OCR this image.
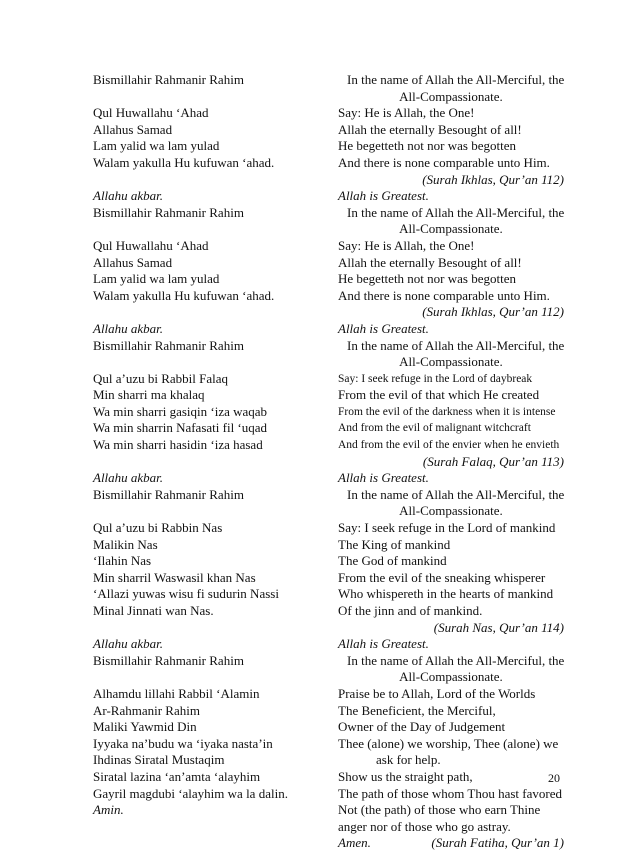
Bismillahir Rahmanir Rahim
Qul Huwallahu ‘Ahad
Allahus Samad
Lam yalid wa lam yulad
Walam yakulla Hu kufuwan ‘ahad.
Allahu akbar.
Bismillahir Rahmanir Rahim
Qul Huwallahu ‘Ahad
Allahus Samad
Lam yalid wa lam yulad
Walam yakulla Hu kufuwan ‘ahad.
Allahu akbar.
Bismillahir Rahmanir Rahim
Qul a’uzu bi Rabbil Falaq
Min sharri ma khalaq
Wa min sharri gasiqin ‘iza waqab
Wa min sharrin Nafasati fil ‘uqad
Wa min sharri hasidin ‘iza hasad
Allahu akbar.
Bismillahir Rahmanir Rahim
Qul a’uzu bi Rabbin Nas
Malikin Nas
‘Ilahin Nas
Min sharril Waswasil khan Nas
‘Allazi yuwas wisu fi sudurin Nassi
Minal Jinnati wan Nas.
Allahu akbar.
Bismillahir Rahmanir Rahim
Alhamdu lillahi Rabbil ‘Alamin
Ar-Rahmanir Rahim
Maliki Yawmid Din
Iyyaka na’budu wa ‘iyaka nasta’in
Ihdinas Siratal Mustaqim
Siratal lazina ‘an’amta ‘alayhim
Gayril magdubi ‘alayhim wa la dalin.
Amin.
In the name of Allah the All-Merciful, the
All-Compassionate.
Say: He is Allah, the One!
Allah the eternally Besought of all!
He begetteth not nor was begotten
And there is none comparable unto Him.
(Surah Ikhlas, Qur’an 112)
Allah is Greatest.
In the name of Allah the All-Merciful, the
All-Compassionate.
Say: He is Allah, the One!
Allah the eternally Besought of all!
He begetteth not nor was begotten
And there is none comparable unto Him.
(Surah Ikhlas, Qur’an 112)
Allah is Greatest.
In the name of Allah the All-Merciful, the
All-Compassionate.
Say: I seek refuge in the Lord of daybreak
From the evil of that which He created
From the evil of the darkness when it is intense
And from the evil of malignant witchcraft
And from the evil of the envier when he envieth
(Surah Falaq, Qur’an 113)
Allah is Greatest.
In the name of Allah the All-Merciful, the
All-Compassionate.
Say: I seek refuge in the Lord of mankind
The King of mankind
The God of mankind
From the evil of the sneaking whisperer
Who whispereth in the hearts of mankind
Of the jinn and of mankind.
(Surah Nas, Qur’an 114)
Allah is Greatest.
In the name of Allah the All-Merciful, the
All-Compassionate.
Praise be to Allah, Lord of the Worlds
The Beneficient, the Merciful,
Owner of the Day of Judgement
Thee (alone) we worship, Thee (alone) we
ask for help.
Show us the straight path,
The path of those whom Thou hast favored
Not (the path) of those who earn Thine
anger nor of those who go astray.
Amen.	(Surah Fatiha, Qur’an 1)
20
